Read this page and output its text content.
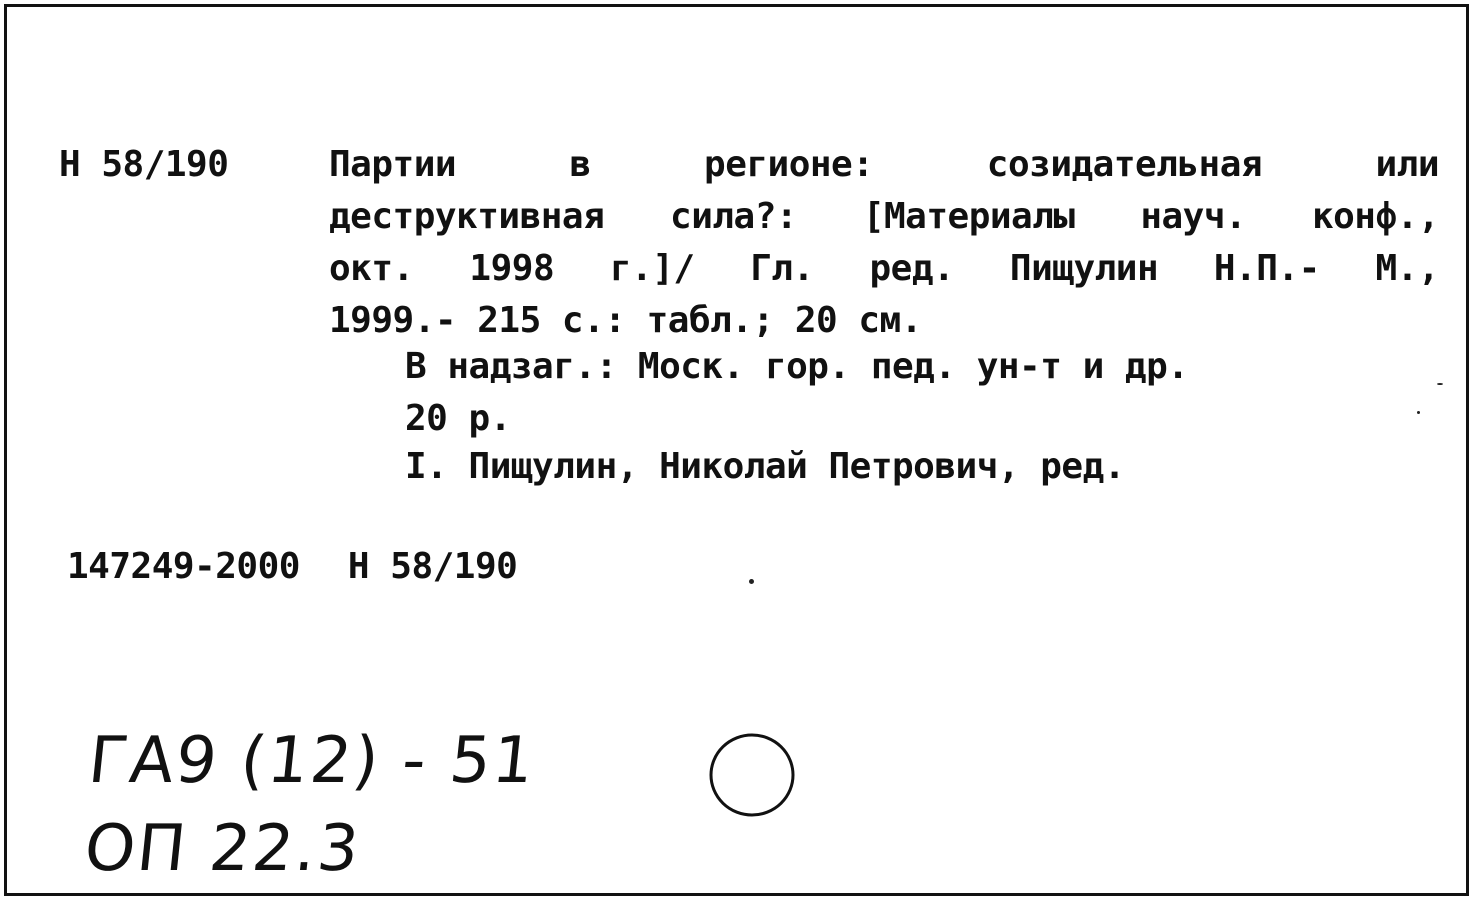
Н 58/190	Партии в регионе: созидательная или
деструктивная сила?: [Материалы науч. конф.,
окт. 1998 г.]/ Гл. ред. Пищулин Н.П.- М.,
1999.- 215 с.: табл.; 20 см.
В надзаг.: Моск. гор. пед. ун-т и др.
20 р.
I. Пищулин, Николай Петрович, ред.
147249-2000 Н 58/190
ГА9 (12) - 51
ОП 22.3
